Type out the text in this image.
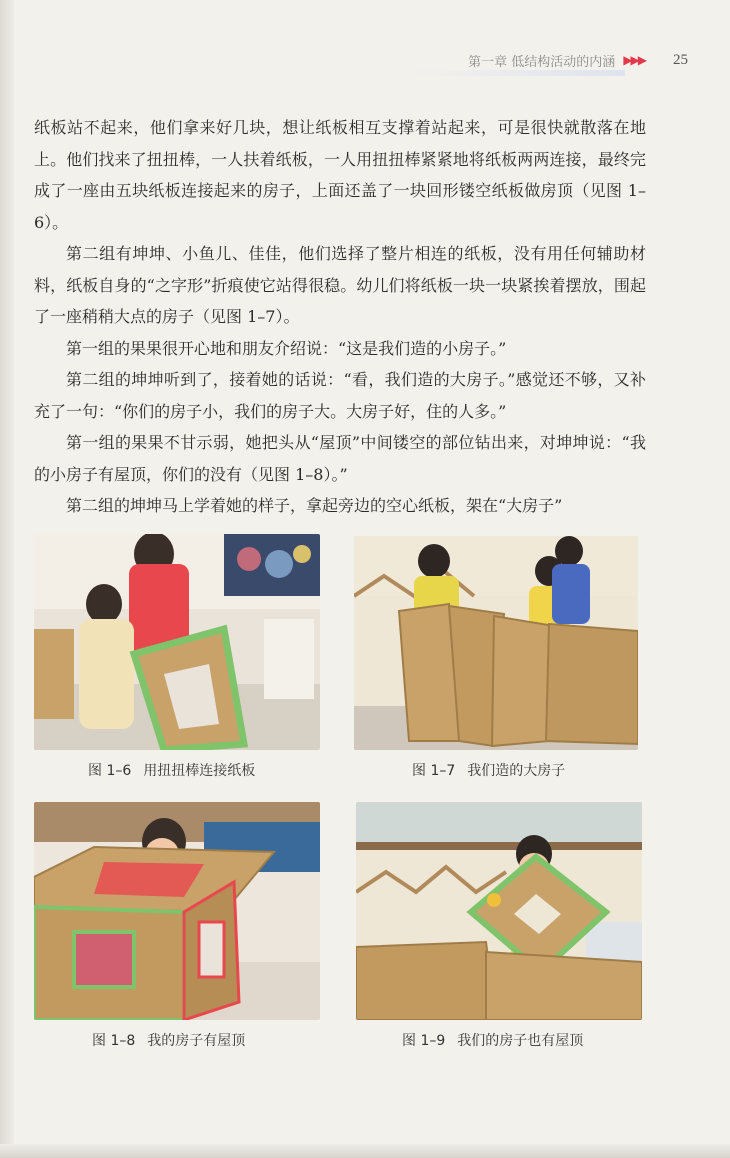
第一章 低结构活动的内涵 ▶▶▶ 25

纸板站不起来，他们拿来好几块，想让纸板相互支撑着站起来，可是很快就散落在地上。他们找来了扭扭棒，一人扶着纸板，一人用扭扭棒紧紧地将纸板两两连接，最终完成了一座由五块纸板连接起来的房子，上面还盖了一块回形镂空纸板做房顶（见图 1–6）。

第二组有坤坤、小鱼儿、佳佳，他们选择了整片相连的纸板，没有用任何辅助材料，纸板自身的“之字形”折痕使它站得很稳。幼儿们将纸板一块一块紧挨着摆放，围起了一座稍稍大点的房子（见图 1–7）。

第一组的果果很开心地和朋友介绍说：“这是我们造的小房子。”

第二组的坤坤听到了，接着她的话说：“看，我们造的大房子。”感觉还不够，又补充了一句：“你们的房子小，我们的房子大。大房子好，住的人多。”

第一组的果果不甘示弱，她把头从“屋顶”中间镂空的部位钻出来，对坤坤说：“我的小房子有屋顶，你们的没有（见图 1–8）。”

第二组的坤坤马上学着她的样子，拿起旁边的空心纸板，架在“大房子”

图 1–6 用扭扭棒连接纸板	图 1–7 我们造的大房子
图 1–8 我的房子有屋顶	图 1–9 我们的房子也有屋顶
